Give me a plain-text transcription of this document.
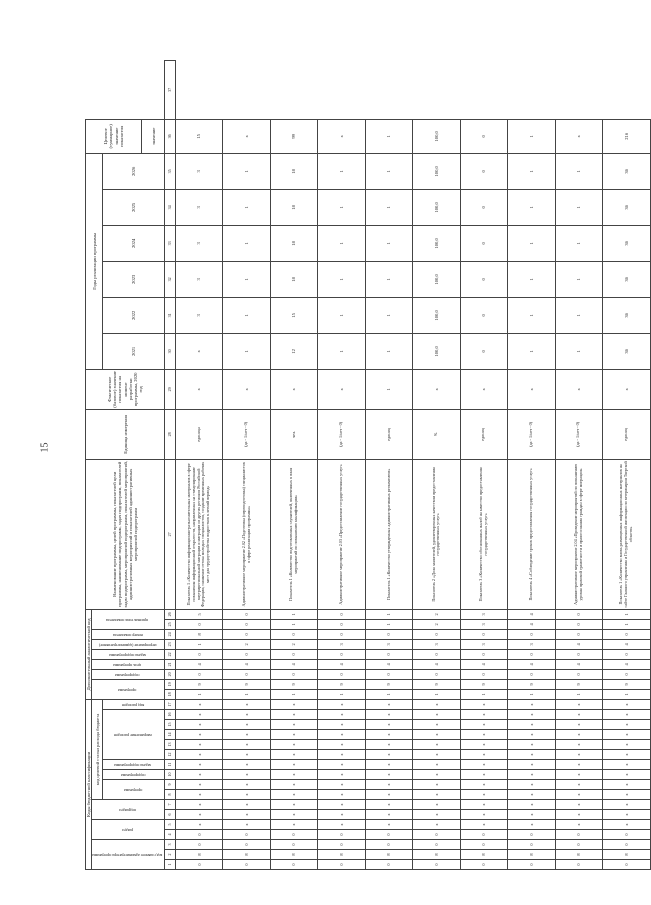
15
Коды бюджетной классификации																	Дополнительный аналитический код									Наименование программы, целей программы, показателей цели программы, наименование подпрограмм, задач подпрограмм, показателей задач подпрограмм, мероприятий подпрограмм, показателей мероприятий, административных мероприятий и показателей административных мероприятий подпрограмм	Единица измерения	Фактическое (базовое) значение показателя на момент разработки программы, 2020 год	Годы реализации программы						Целевое (суммарное) значение показателя	
код главного администратора программы			раздел		подраздел		код целевой статьи расхода бюджета										программа		подпрограмма	цель программы	задача подпрограммы	мероприятие (административное)	номер показателя	признак типа показателя												
							программа		подпрограмма	задача подпрограммы	направление расходов					вид расходов													2021	2022	2023	2024	2025	2026		
																																			значение	
1	2	3	4	5	6	7	8	9	10	11	12	13	14	15	16	17	18	19	20	21	22	23	24	25	26	27	28	29	30	31	32	33	34	35	36	37
0	8	0	0	x	x	x	x	x	x	x	x	x	x	x	x	x	1	9	0	4	0	1	8	0	5	Показатель 5 «Количество информационно-разъяснительных материалов в сфере повышения информационной открытости, направленных на стимулирование внутрирегиональной миграции и миграции из других регионов Российской Федерации, снижение оттока молодых специалистов, создание временных рабочих мест для трудоустройства подростков в летний период»	единица	x	x	3	3	3	3	3	15	
0	8	0	0	x	x	x	x	x	x	x	x	x	x	x	x	x	1	9	0	4	0	2	0	0	0	Административное мероприятие 2.02 «Подготовка (переподготовка) специалистов в сфере реализации программы»	(да - 1/нет - 0)	x	1	1	1	1	1	1	x	
0	8	0	0	x	x	x	x	x	x	x	x	x	x	x	x	x	1	9	0	4	0	2	0	1	1	Показатель 1 «Количество подготовленных слушателей, включенных в план мероприятий по повышению квалификации»	чел.	x	12	15	18	18	18	18	99	
0	8	0	0	x	x	x	x	x	x	x	x	x	x	x	x	x	1	9	0	4	0	3	0	0	0	Административное мероприятие 2.03 «Предоставление государственных услуг»	(да - 1/нет - 0)	x	1	1	1	1	1	1	x	
0	8	0	0	x	x	x	x	x	x	x	x	x	x	x	x	x	1	9	0	4	0	3	0	1	1	Показатель 1 «Количество утвержденных административных регламентов»	единиц	1	1	1	1	1	1	1	1	
0	8	0	0	x	x	x	x	x	x	x	x	x	x	x	x	x	1	9	0	4	0	3	0	2	2	Показатель 2 «Доля заявителей, удовлетворенных качеством предоставления государственных услуг»	%	x	100,0	100,0	100,0	100,0	100,0	100,0	100,0	
0	8	0	0	x	x	x	x	x	x	x	x	x	x	x	x	x	1	9	0	4	0	3	0	3	3	Показатель 3 «Количество обоснованных жалоб на качество предоставления государственных услуг»	единиц	x	0	0	0	0	0	0	0	
0	8	0	0	x	x	x	x	x	x	x	x	x	x	x	x	x	1	9	0	4	0	3	0	4	4	Показатель 4 «Соблюдение сроков предоставления государственных услуг»	(да - 1/нет - 0)	x	1	1	1	1	1	1	1	
0	8	0	0	x	x	x	x	x	x	x	x	x	x	x	x	x	1	9	0	4	0	4	0	0	0	Административное мероприятие 2.04 «Проведение мероприятий по повышению уровня правовой грамотности и правосознания граждан в сфере миграции»	(да - 1/нет - 0)	x	1	1	1	1	1	1	x	
0	8	0	0	x	x	x	x	x	x	x	x	x	x	x	x	x	1	9	0	4	0	4	0	1	1	Показатель 1 «Количество вновь размещенных информационных материалов на сайте Главного управления и Государственной инспекции по ветеринарии Тверской области»	единиц	x	36	36	36	36	36	36	216	
